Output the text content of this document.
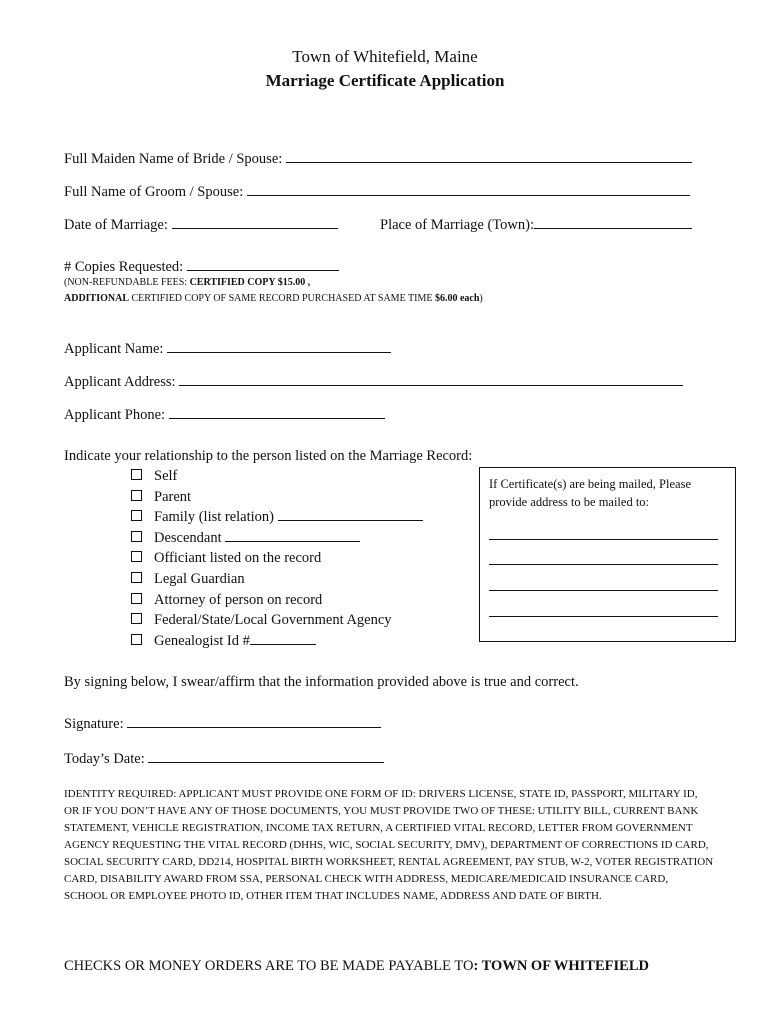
Town of Whitefield, Maine
Marriage Certificate Application
Full Maiden Name of Bride / Spouse:
Full Name of Groom / Spouse:
Date of Marriage:	Place of Marriage (Town):
# Copies Requested:
(NON-REFUNDABLE FEES: CERTIFIED COPY $15.00 ,
ADDITIONAL CERTIFIED COPY OF SAME RECORD PURCHASED AT SAME TIME $6.00 each)
Applicant Name:
Applicant Address:
Applicant Phone:
Indicate your relationship to the person listed on the Marriage Record:
Self
Parent
Family (list relation)
Descendant
Officiant listed on the record
Legal Guardian
Attorney of person on record
Federal/State/Local Government Agency
Genealogist Id #
If Certificate(s) are being mailed, Please provide address to be mailed to:
By signing below, I swear/affirm that the information provided above is true and correct.
Signature:
Today’s Date:
IDENTITY REQUIRED: APPLICANT MUST PROVIDE ONE FORM OF ID: DRIVERS LICENSE, STATE ID, PASSPORT, MILITARY ID, OR IF YOU DON’T HAVE ANY OF THOSE DOCUMENTS, YOU MUST PROVIDE TWO OF THESE: UTILITY BILL, CURRENT BANK STATEMENT, VEHICLE REGISTRATION, INCOME TAX RETURN, A CERTIFIED VITAL RECORD, LETTER FROM GOVERNMENT AGENCY REQUESTING THE VITAL RECORD (DHHS, WIC, SOCIAL SECURITY, DMV), DEPARTMENT OF CORRECTIONS ID CARD, SOCIAL SECURITY CARD, DD214, HOSPITAL BIRTH WORKSHEET, RENTAL AGREEMENT, PAY STUB, W-2, VOTER REGISTRATION CARD, DISABILITY AWARD FROM SSA, PERSONAL CHECK WITH ADDRESS, MEDICARE/MEDICAID INSURANCE CARD, SCHOOL OR EMPLOYEE PHOTO ID, OTHER ITEM THAT INCLUDES NAME, ADDRESS AND DATE OF BIRTH.
CHECKS OR MONEY ORDERS ARE TO BE MADE PAYABLE TO: TOWN OF WHITEFIELD
